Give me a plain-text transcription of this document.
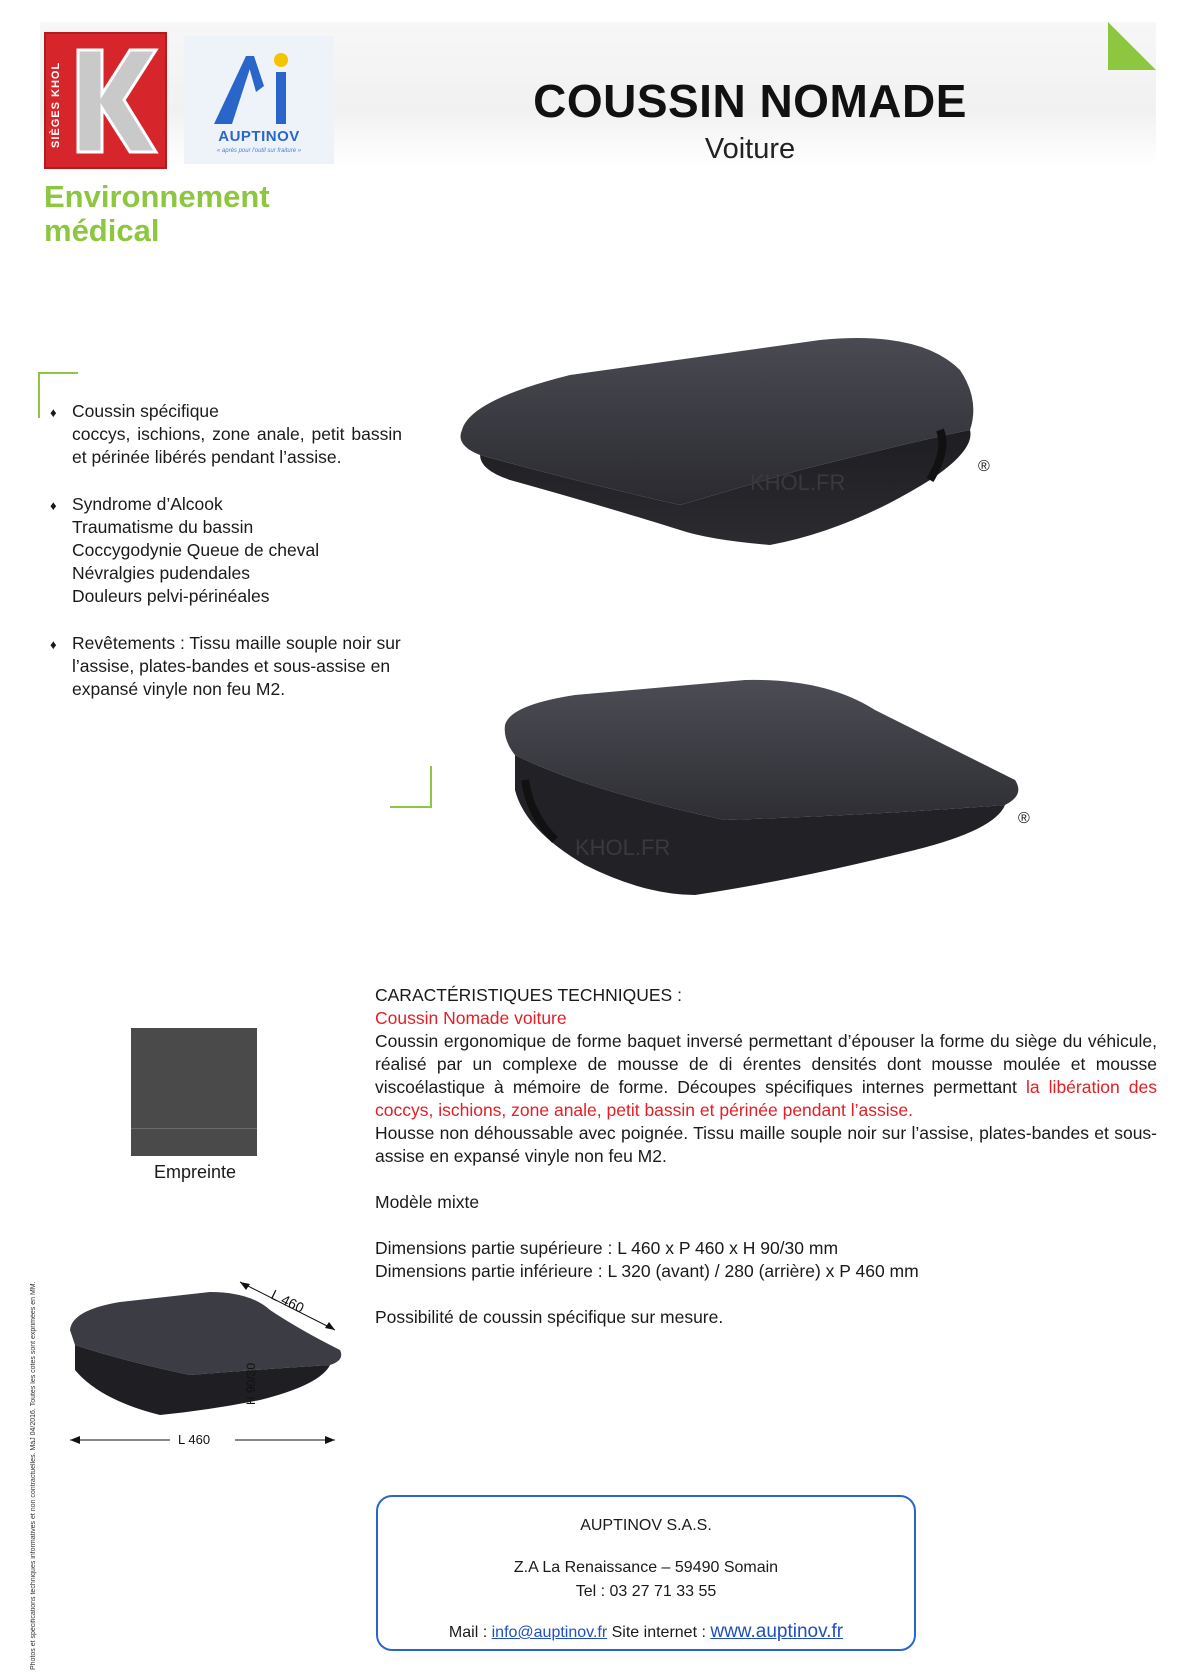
SIÈGES KHOL	AUPTINOV
« après pour l'outil sur fraiture »
COUSSIN NOMADE
Voiture
Environnement médical
♦ Coussin spécifique
coccys, ischions, zone anale, petit bassin et périnée libérés pendant l’assise.
♦ Syndrome d’Alcook
Traumatisme du bassin Coccygodynie Queue de cheval Névralgies pudendales Douleurs pelvi-périnéales
♦ Revêtements : Tissu maille souple noir sur l’assise, plates-bandes et sous-assise en expansé vinyle non feu M2.
KHOL.FR
®
KHOL.FR
®
Empreinte
L 460
L 460
H 90/30

CARACTÉRISTIQUES TECHNIQUES :

Coussin Nomade voiture

Coussin ergonomique de forme baquet inversé permettant d’épouser la forme du siège du véhicule, réalisé par un complexe de mousse de di érentes densités dont mousse moulée et mousse viscoélastique à mémoire de forme. Découpes spécifiques internes permettant la libération des coccys, ischions, zone anale, petit bassin et périnée pendant l’assise.

Housse non déhoussable avec poignée. Tissu maille souple noir sur l’assise, plates-bandes et sous-assise en expansé vinyle non feu M2.

Modèle mixte

Dimensions partie supérieure : L 460 x P 460 x H 90/30 mm

Dimensions partie inférieure : L 320 (avant) / 280 (arrière) x P 460 mm

Possibilité de coussin spécifique sur mesure.

Photos et spécifications techniques informatives et non contractuelles. MàJ 04/2016. Toutes les cotes sont exprimées en MM.	AUPTINOV S.A.S.
Z.A La Renaissance – 59490 Somain
Tel : 03 27 71 33 55
Mail : info@auptinov.fr Site internet : www.auptinov.fr
